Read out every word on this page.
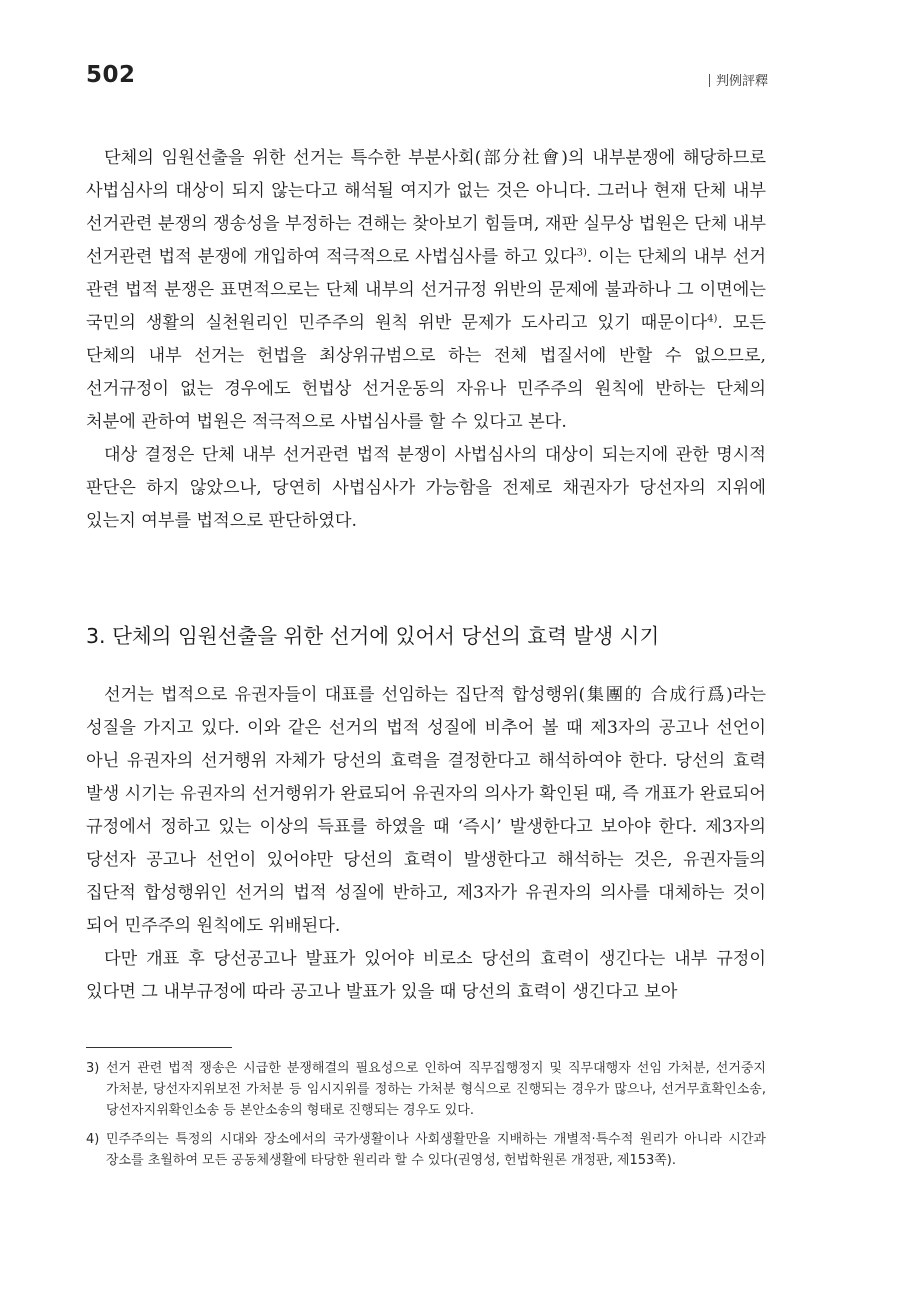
502	判例評釋

단체의 임원선출을 위한 선거는 특수한 부분사회(部分社會)의 내부분쟁에 해당하므로 사법심사의 대상이 되지 않는다고 해석될 여지가 없는 것은 아니다. 그러나 현재 단체 내부 선거관련 분쟁의 쟁송성을 부정하는 견해는 찾아보기 힘들며, 재판 실무상 법원은 단체 내부 선거관련 법적 분쟁에 개입하여 적극적으로 사법심사를 하고 있다$^{3)}$. 이는 단체의 내부 선거 관련 법적 분쟁은 표면적으로는 단체 내부의 선거규정 위반의 문제에 불과하나 그 이면에는 국민의 생활의 실천원리인 민주주의 원칙 위반 문제가 도사리고 있기 때문이다$^{4)}$. 모든 단체의 내부 선거는 헌법을 최상위규범으로 하는 전체 법질서에 반할 수 없으므로, 선거규정이 없는 경우에도 헌법상 선거운동의 자유나 민주주의 원칙에 반하는 단체의 처분에 관하여 법원은 적극적으로 사법심사를 할 수 있다고 본다.

대상 결정은 단체 내부 선거관련 법적 분쟁이 사법심사의 대상이 되는지에 관한 명시적 판단은 하지 않았으나, 당연히 사법심사가 가능함을 전제로 채권자가 당선자의 지위에 있는지 여부를 법적으로 판단하였다.

3. 단체의 임원선출을 위한 선거에 있어서 당선의 효력 발생 시기

선거는 법적으로 유권자들이 대표를 선임하는 집단적 합성행위(集團的 合成行爲)라는 성질을 가지고 있다. 이와 같은 선거의 법적 성질에 비추어 볼 때 제3자의 공고나 선언이 아닌 유권자의 선거행위 자체가 당선의 효력을 결정한다고 해석하여야 한다. 당선의 효력 발생 시기는 유권자의 선거행위가 완료되어 유권자의 의사가 확인된 때, 즉 개표가 완료되어 규정에서 정하고 있는 이상의 득표를 하였을 때 ‘즉시’ 발생한다고 보아야 한다. 제3자의 당선자 공고나 선언이 있어야만 당선의 효력이 발생한다고 해석하는 것은, 유권자들의 집단적 합성행위인 선거의 법적 성질에 반하고, 제3자가 유권자의 의사를 대체하는 것이 되어 민주주의 원칙에도 위배된다.

다만 개표 후 당선공고나 발표가 있어야 비로소 당선의 효력이 생긴다는 내부 규정이 있다면 그 내부규정에 따라 공고나 발표가 있을 때 당선의 효력이 생긴다고 보아

3) 선거 관련 법적 쟁송은 시급한 분쟁해결의 필요성으로 인하여 직무집행정지 및 직무대행자 선임 가처분, 선거중지 가처분, 당선자지위보전 가처분 등 임시지위를 정하는 가처분 형식으로 진행되는 경우가 많으나, 선거무효확인소송, 당선자지위확인소송 등 본안소송의 형태로 진행되는 경우도 있다.
4) 민주주의는 특정의 시대와 장소에서의 국가생활이나 사회생활만을 지배하는 개별적·특수적 원리가 아니라 시간과 장소를 초월하여 모든 공동체생활에 타당한 원리라 할 수 있다(권영성, 헌법학원론 개정판, 제153쪽).
